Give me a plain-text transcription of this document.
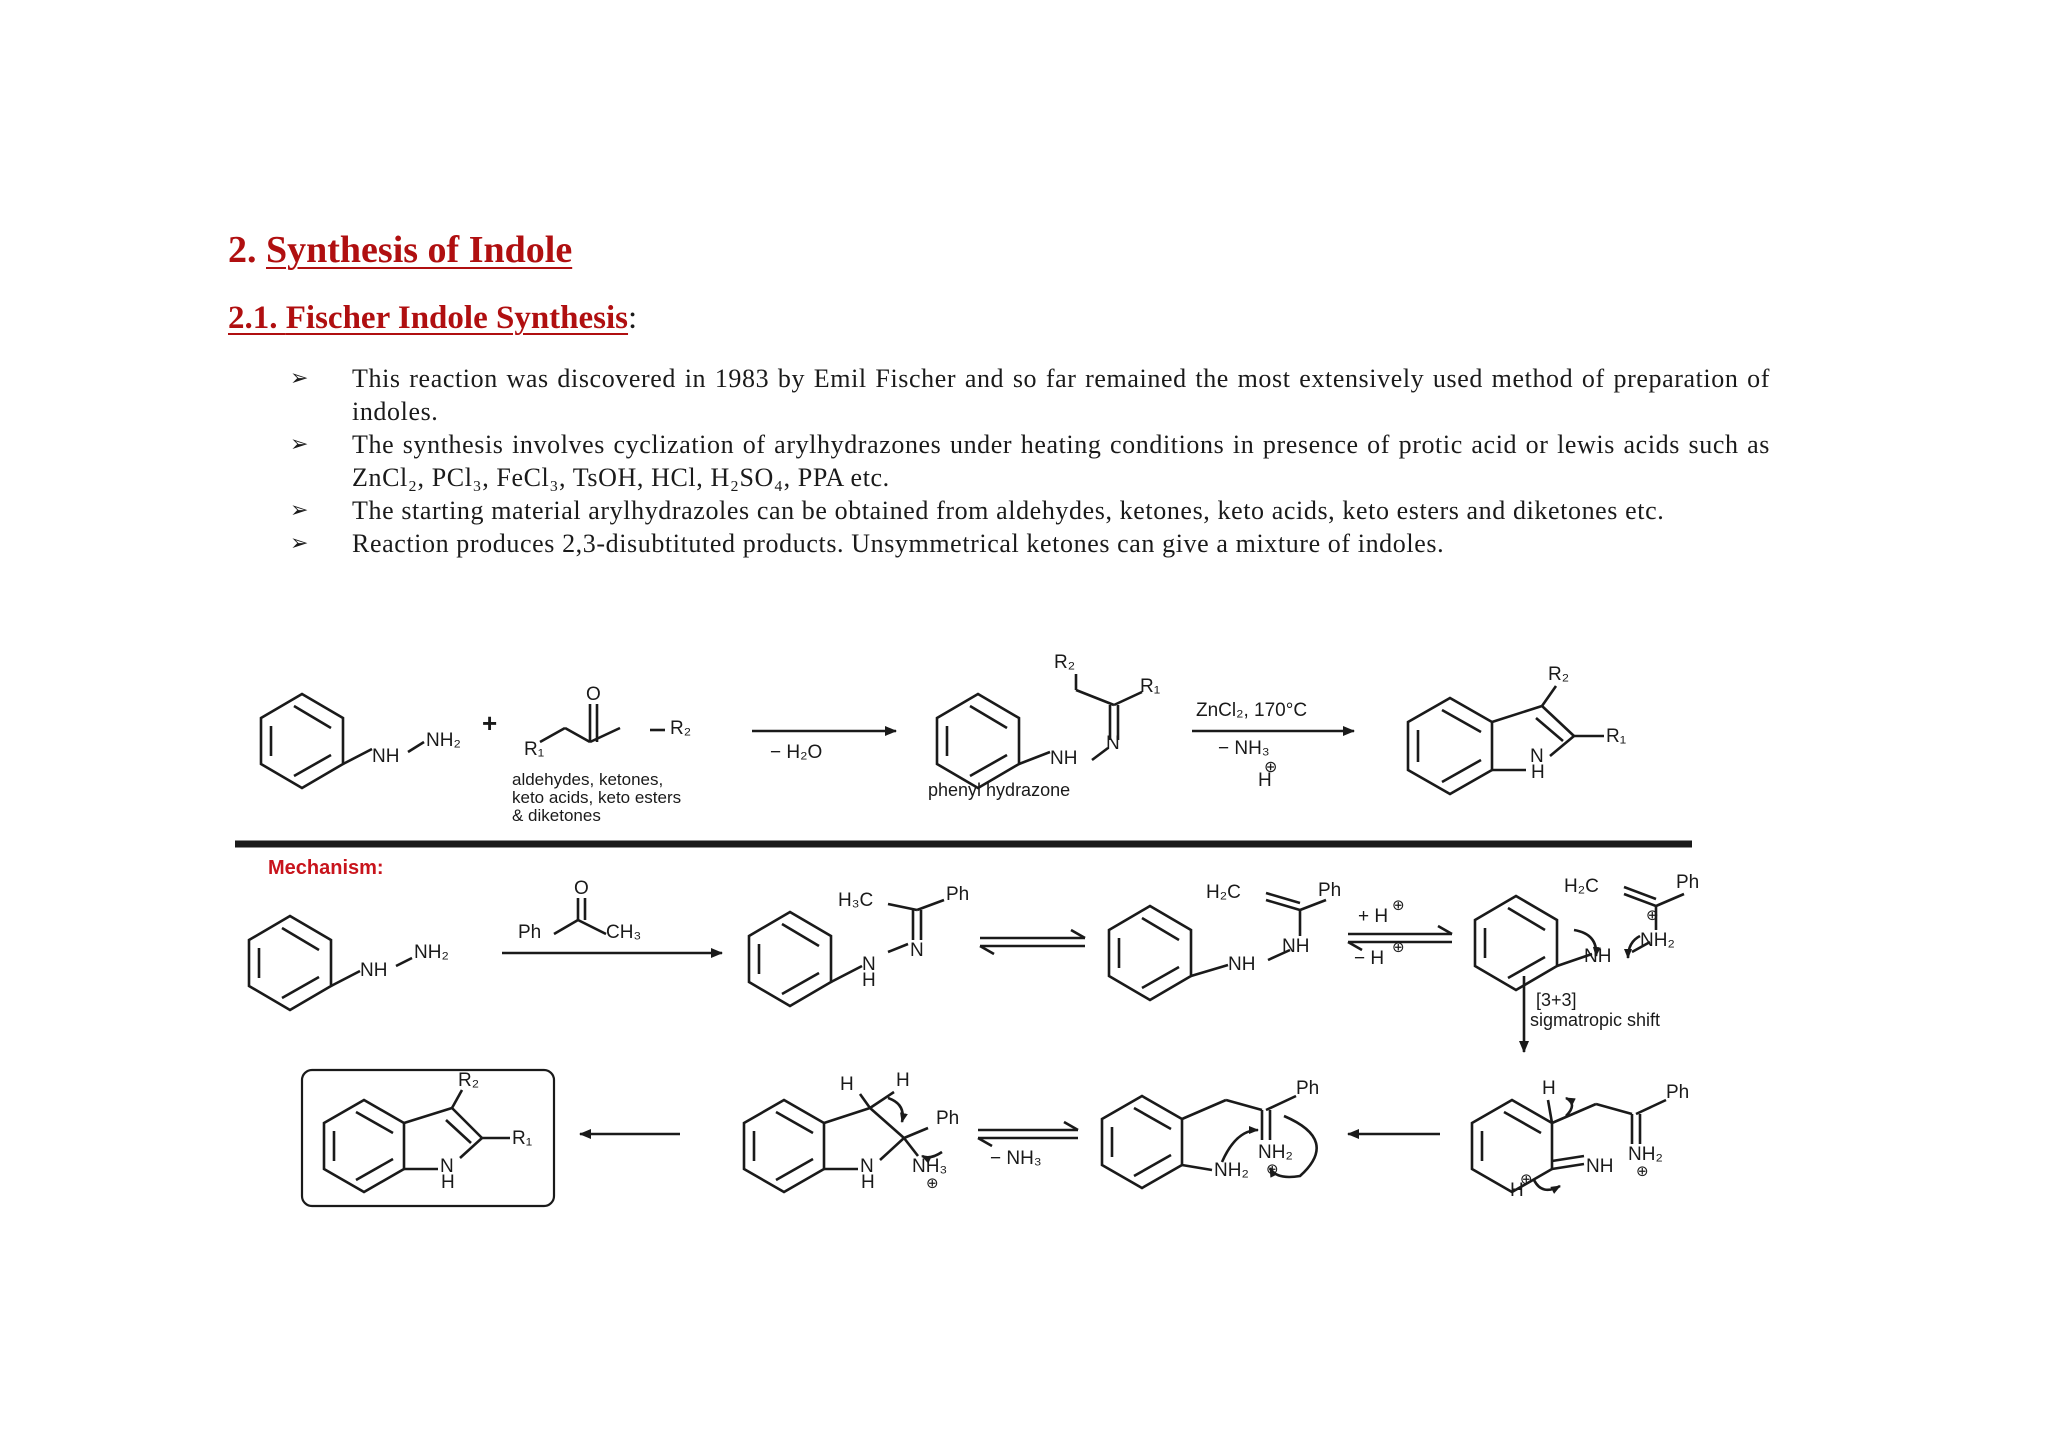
2. Synthesis of Indole
2.1. Fischer Indole Synthesis:
➢ This reaction was discovered in 1983 by Emil Fischer and so far remained the most extensively used method of preparation of indoles.
➢ The synthesis involves cyclization of arylhydrazones under heating conditions in presence of protic acid or lewis acids such as ZnCl₂, PCl₃, FeCl₃, TsOH, HCl, H₂SO₄, PPA etc.
➢ The starting material arylhydrazoles can be obtained from aldehydes, ketones, keto acids, keto esters and diketones etc.
➢ Reaction produces 2,3-disubtituted products. Unsymmetrical ketones can give a mixture of indoles.
NH
NH₂
+
O
R₁
R₂
aldehydes, ketones,
keto acids, keto esters
& diketones
− H₂O
R₂
R₁
N
NH
phenyl hydrazone
ZnCl₂, 170°C
− NH₃
H
⊕
R₂
R₁
N
H
Mechanism:
NH
NH₂
O
Ph	CH₃
H₃C	Ph
N
N
H
H₂C	Ph
NH
NH
+ H
⊕
− H
⊕
H₂C	Ph
⊕
NH₂
NH
[3+3]
sigmatropic shift
R₂
R₁
N
H
H H
Ph
N
H
NH₃
⊕
− NH₃
Ph
NH₂
⊕
NH₂
H	Ph
NH₂
⊕
NH
H
⊕
